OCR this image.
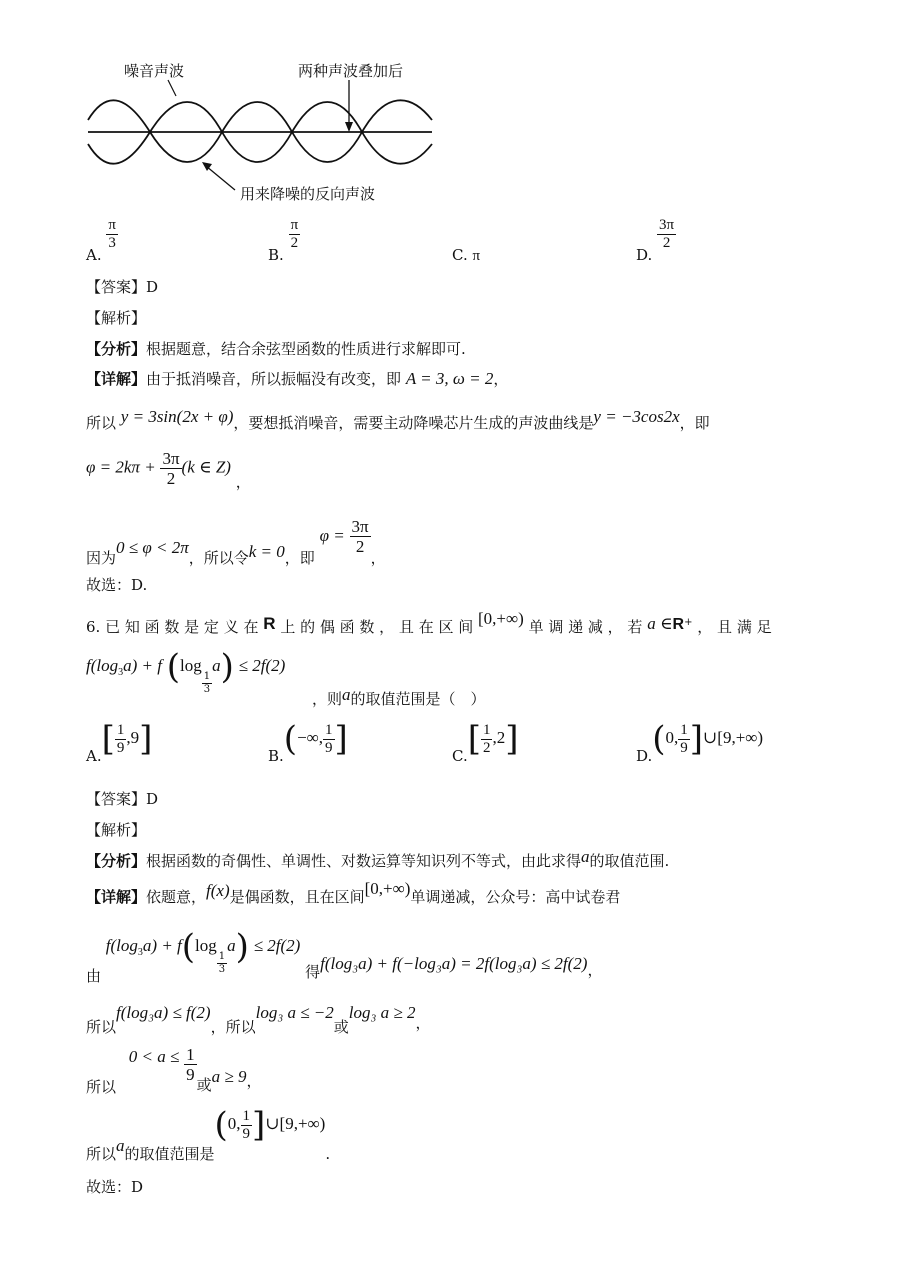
噪音声波	两种声波叠加后
用来降噪的反向声波
A.
$\frac{\pi}{3}$
B.
$\frac{\pi}{2}$
C. π	D.
$\frac{3\pi}{2}$
【答案】D
【解析】
【分析】根据题意，结合余弦型函数的性质进行求解即可.
【详解】由于抵消噪音，所以振幅没有改变，即 A = 3, ω = 2，
所以 y = 3sin(2x + φ)，要想抵消噪音，需要主动降噪芯片生成的声波曲线是y = −3cos2x，即
$\varphi = 2k\pi + \frac{3\pi}{2} (k$ ∈ Z) ，
因为0 ≤ φ < 2π，所以令k = 0，即 $\varphi = \frac{3\pi}{2}$
，
故选：D.
6. 已 知 函 数 是 定 义 在 R 上 的 偶 函 数 ， 且 在 区 间 [0,+∞) 单 调 递 减 ， 若 a ∈R+ ， 且 满 足
$f(\log_3a) + f$ (log
$\frac{1}{3}$
a) ≤ 2f(2)
，则a的取值范围是（　）
$A.[ \frac{1}{9} ,9]$	B.(−∞, $\frac{1}{9}$ ]	$C.[ \frac{1}{2} ,2]$	D.(0, $\frac{1}{9}$ ]∪[9,+∞)
【答案】D
【解析】
【分析】根据函数的奇偶性、单调性、对数运算等知识列不等式，由此求得a的取值范围.
【详解】依题意，f(x)是偶函数，且在区间[0,+∞)单调递减，公众号：高中试卷君
由 $f(\log_3a) + f(\log$
$\frac{1}{3}$
a) ≤ 2f(2) 得f(log₃a) + f(−log₃a) = 2f(log₃a) ≤ 2f(2)，
所以f(log₃a) ≤ f(2)，所以log₃ a ≤ −2或log₃ a ≥ 2，
所以 $0 < a \le \frac{1}{9}$
或a ≥ 9，
所以a的取值范围是(0, $\frac{1}{9}$ ]∪[9,+∞).
故选：D
